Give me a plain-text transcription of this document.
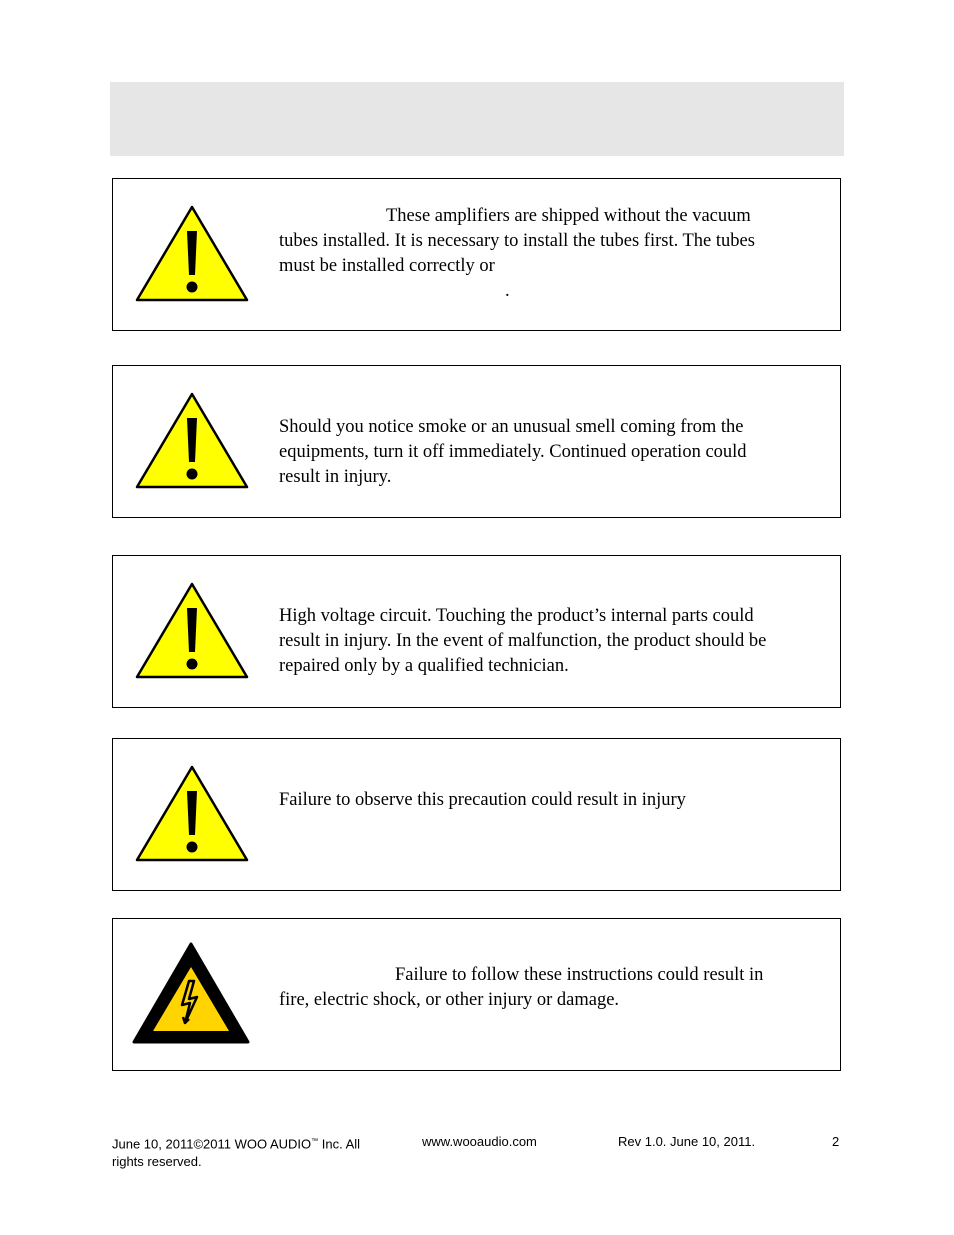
These amplifiers are shipped without the vacuum
tubes installed. It is necessary to install the tubes first. The tubes
must be installed correctly or
.

Should you notice smoke or an unusual smell coming from the
equipments, turn it off immediately. Continued operation could
result in injury.

High voltage circuit. Touching the product’s internal parts could
result in injury. In the event of malfunction, the product should be
repaired only by a qualified technician.

Failure to observe this precaution could result in injury

Failure to follow these instructions could result in
fire, electric shock, or other injury or damage.

June 10, 2011©2011 WOO AUDIO™ Inc. All
rights reserved.
www.wooaudio.com	Rev 1.0. June 10, 2011.	2
